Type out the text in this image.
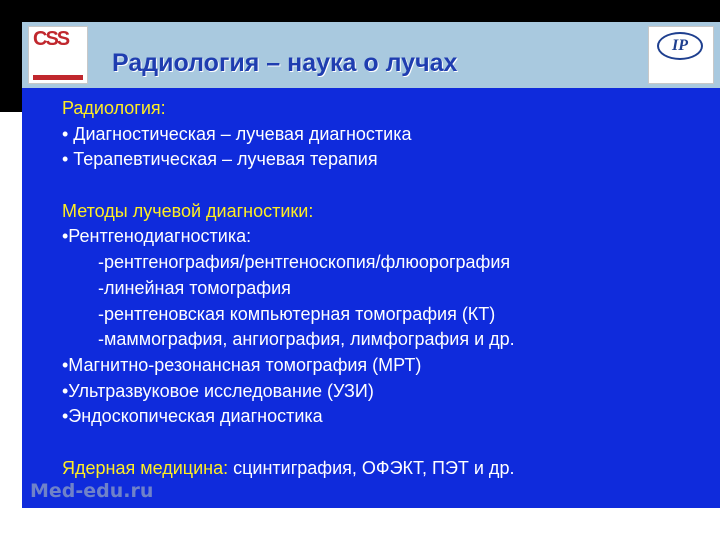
CSS
Радиология – наука о лучах
IP
Радиология:
• Диагностическая – лучевая диагностика
• Терапевтическая – лучевая терапия
Методы лучевой диагностики:
•Рентгенодиагностика:
-рентгенография/рентгеноскопия/флюорография
-линейная томография
-рентгеновская компьютерная томография (КТ)
-маммография, ангиография, лимфография и др.
•Магнитно-резонансная томография (МРТ)
•Ультразвуковое исследование (УЗИ)
•Эндоскопическая диагностика
Ядерная медицина: сцинтиграфия, ОФЭКТ, ПЭТ и др.
Med-edu.ru
